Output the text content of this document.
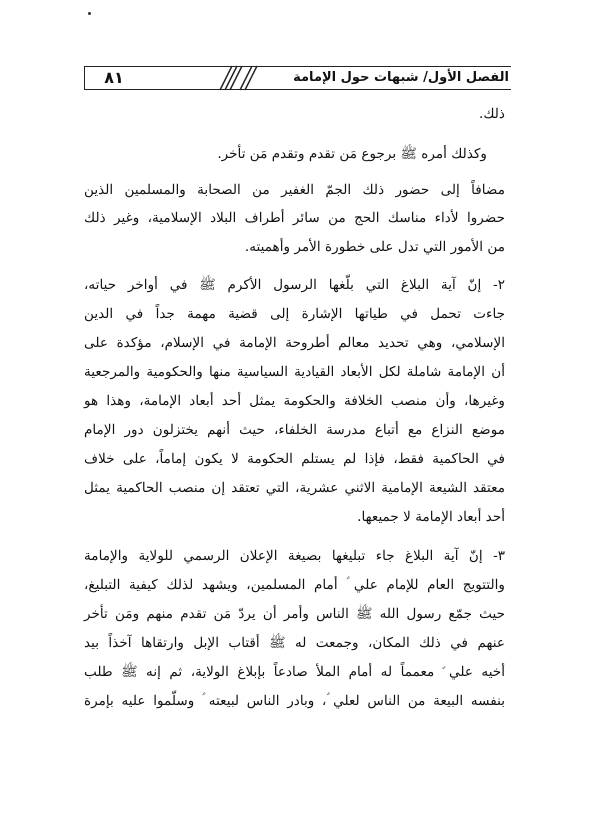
٨١	الفصل الأول/ شبهات حول الإمامة
ذلك.
وكذلك أمره ﷺ برجوع مَن تقدم وتقدم مَن تأخر.
مضافاً إلى حضور ذلك الجمّ الغفير من الصحابة والمسلمين الذين
حضروا لأداء مناسك الحج من سائر أطراف البلاد الإسلامية، وغير ذلك
من الأمور التي تدل على خطورة الأمر وأهميته.
٢- إنّ آية البلاغ التي بلّغها الرسول الأكرم ﷺ في أواخر حياته،
جاءت تحمل في طياتها الإشارة إلى قضية مهمة جداً في الدين
الإسلامي، وهي تحديد معالم أطروحة الإمامة في الإسلام، مؤكدة على
أن الإمامة شاملة لكل الأبعاد القيادية السياسية منها والحكومية والمرجعية
وغيرها، وأن منصب الخلافة والحكومة يمثل أحد أبعاد الإمامة، وهذا هو
موضع النزاع مع أتباع مدرسة الخلفاء، حيث أنهم يختزلون دور الإمام
في الحاكمية فقط، فإذا لم يستلم الحكومة لا يكون إماماً، على خلاف
معتقد الشيعة الإمامية الاثني عشرية، التي تعتقد إن منصب الحاكمية يمثل
أحد أبعاد الإمامة لا جميعها.
٣- إنّ آية البلاغ جاء تبليغها بصيغة الإعلان الرسمي للولاية والإمامة
والتتويج العام للإمام علي ؑ أمام المسلمين، ويشهد لذلك كيفية التبليغ،
حيث جمّع رسول الله ﷺ الناس وأمر أن يردّ مَن تقدم منهم ومَن تأخر
عنهم في ذلك المكان، وجمعت له ﷺ أقتاب الإبل وارتقاها آخذاً بيد
أخيه علي ؑ معمماً له أمام الملأ صادعاً بإبلاغ الولاية، ثم إنه ﷺ طلب
بنفسه البيعة من الناس لعلي ؑ، وبادر الناس لبيعته ؑ وسلّموا عليه بإمرة
